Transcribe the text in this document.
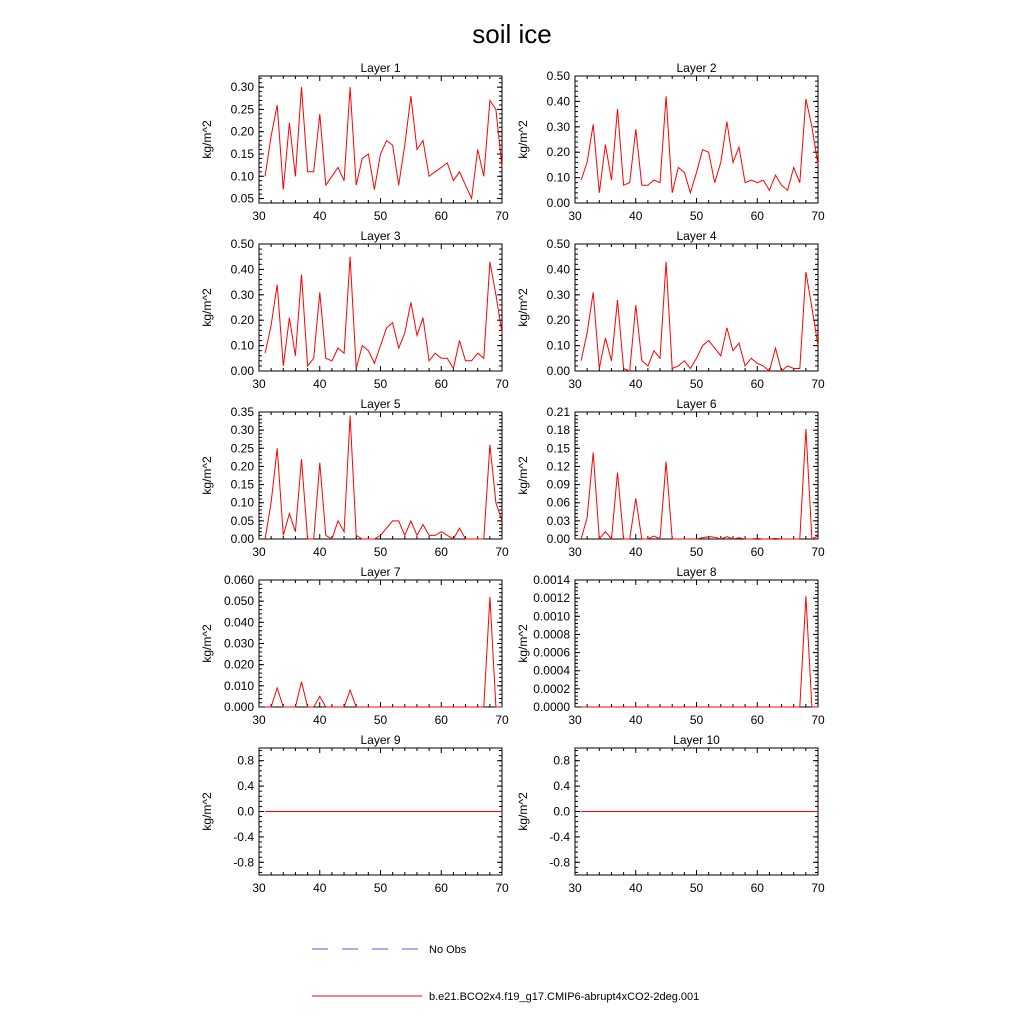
soil ice
Layer 1
30	40	50	60	70
0.05
0.10
0.15
0.20
0.25
0.30
kg/m^2
Layer 2
30	40	50	60	70
0.00
0.10
0.20
0.30
0.40
0.50
kg/m^2
Layer 3
30	40	50	60	70
0.00
0.10
0.20
0.30
0.40
0.50
kg/m^2
Layer 4
30	40	50	60	70
0.00
0.10
0.20
0.30
0.40
0.50
kg/m^2
Layer 5
30	40	50	60	70
0.00
0.05
0.10
0.15
0.20
0.25
0.30
0.35
kg/m^2
Layer 6
30	40	50	60	70
0.00
0.03
0.06
0.09
0.12
0.15
0.18
0.21
kg/m^2
Layer 7
30	40	50	60	70
0.000
0.010
0.020
0.030
0.040
0.050
0.060
kg/m^2
Layer 8
30	40	50	60	70
0.0000
0.0002
0.0004
0.0006
0.0008
0.0010
0.0012
0.0014
kg/m^2
Layer 9
30	40	50	60	70
-0.8
-0.4
0.0
0.4
0.8
kg/m^2
Layer 10
30	40	50	60	70
-0.8
-0.4
0.0
0.4
0.8
kg/m^2
No Obs
b.e21.BCO2x4.f19_g17.CMIP6-abrupt4xCO2-2deg.001
